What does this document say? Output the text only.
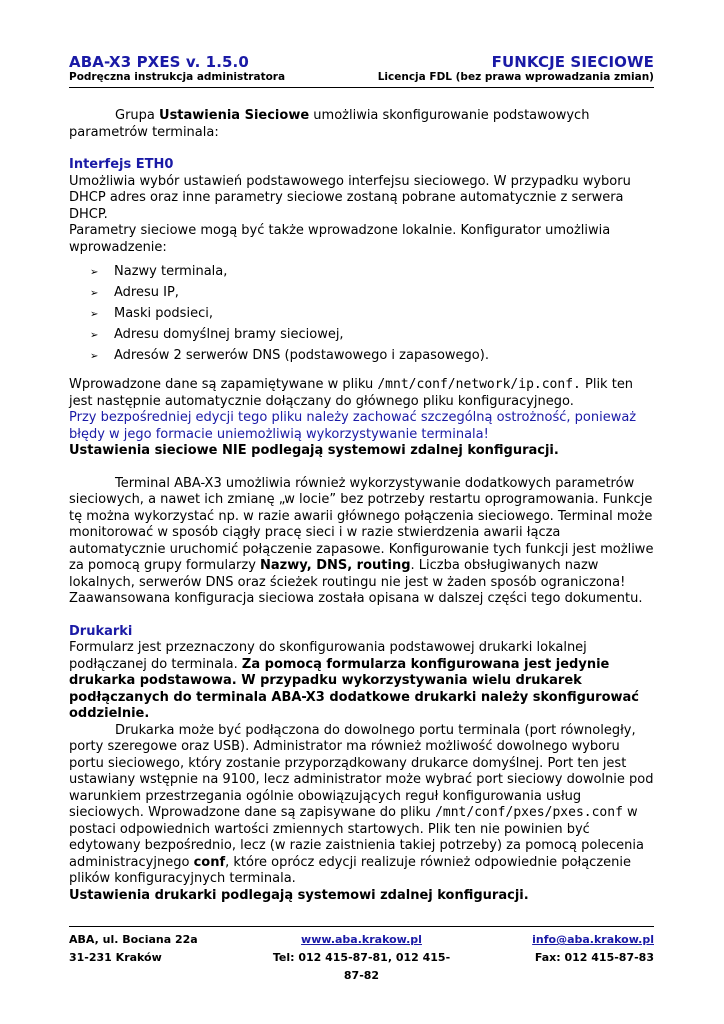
ABA-X3 PXES v. 1.5.0	FUNKCJE SIECIOWE
Podręczna instrukcja administratora	Licencja FDL (bez prawa wprowadzania zmian)

Grupa Ustawienia Sieciowe umożliwia skonfigurowanie podstawowych parametrów terminala:

Interfejs ETH0

Umożliwia wybór ustawień podstawowego interfejsu sieciowego. W przypadku wyboru DHCP adres oraz inne parametry sieciowe zostaną pobrane automatycznie z serwera DHCP.

Parametry sieciowe mogą być także wprowadzone lokalnie. Konfigurator umożliwia wprowadzenie:

➢	Nazwy terminala,
➢	Adresu IP,
➢	Maski podsieci,
➢	Adresu domyślnej bramy sieciowej,
➢	Adresów 2 serwerów DNS (podstawowego i zapasowego).

Wprowadzone dane są zapamiętywane w pliku /mnt/conf/network/ip.conf. Plik ten jest następnie automatycznie dołączany do głównego pliku konfiguracyjnego.

Przy bezpośredniej edycji tego pliku należy zachować szczególną ostrożność, ponieważ błędy w jego formacie uniemożliwią wykorzystywanie terminala!

Ustawienia sieciowe NIE podlegają systemowi zdalnej konfiguracji.

Terminal ABA-X3 umożliwia również wykorzystywanie dodatkowych parametrów sieciowych, a nawet ich zmianę „w locie” bez potrzeby restartu oprogramowania. Funkcje tę można wykorzystać np. w razie awarii głównego połączenia sieciowego. Terminal może monitorować w sposób ciągły pracę sieci i w razie stwierdzenia awarii łącza automatycznie uruchomić połączenie zapasowe. Konfigurowanie tych funkcji jest możliwe za pomocą grupy formularzy Nazwy, DNS, routing. Liczba obsługiwanych nazw lokalnych, serwerów DNS oraz ścieżek routingu nie jest w żaden sposób ograniczona! Zaawansowana konfiguracja sieciowa została opisana w dalszej części tego dokumentu.

Drukarki

Formularz jest przeznaczony do skonfigurowania podstawowej drukarki lokalnej podłączanej do terminala. Za pomocą formularza konfigurowana jest jedynie drukarka podstawowa. W przypadku wykorzystywania wielu drukarek podłączanych do terminala ABA-X3 dodatkowe drukarki należy skonfigurować oddzielnie.

Drukarka może być podłączona do dowolnego portu terminala (port równoległy, porty szeregowe oraz USB). Administrator ma również możliwość dowolnego wyboru portu sieciowego, który zostanie przyporządkowany drukarce domyślnej. Port ten jest ustawiany wstępnie na 9100, lecz administrator może wybrać port sieciowy dowolnie pod warunkiem przestrzegania ogólnie obowiązujących reguł konfigurowania usług sieciowych. Wprowadzone dane są zapisywane do pliku /mnt/conf/pxes/pxes.conf w postaci odpowiednich wartości zmiennych startowych. Plik ten nie powinien być edytowany bezpośrednio, lecz (w razie zaistnienia takiej potrzeby) za pomocą polecenia administracyjnego conf, które oprócz edycji realizuje również odpowiednie połączenie plików konfiguracyjnych terminala.

Ustawienia drukarki podlegają systemowi zdalnej konfiguracji.

ABA, ul. Bociana 22a	www.aba.krakow.pl	info@aba.krakow.pl
31-231 Kraków	Tel: 012 415-87-81, 012 415-87-82
Fax: 012 415-87-83
